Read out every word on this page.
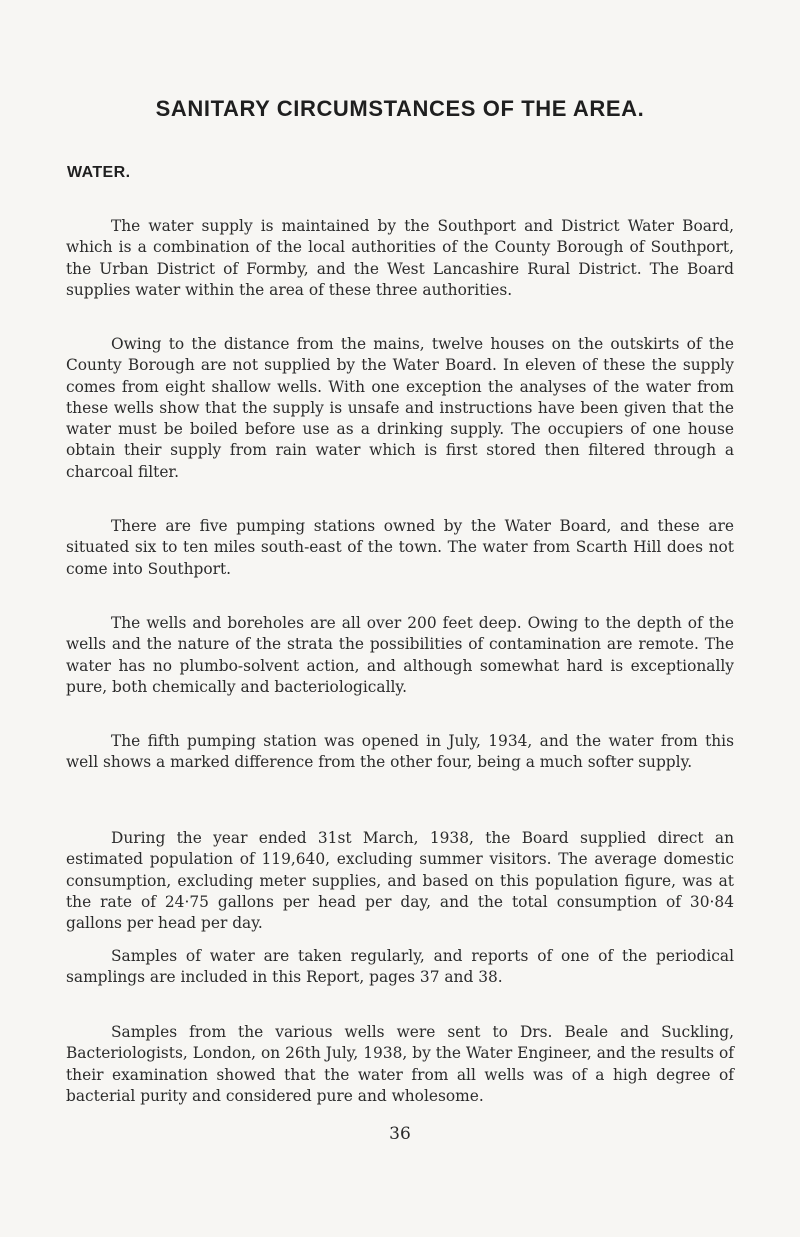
SANITARY CIRCUMSTANCES OF THE AREA.
WATER.

The water supply is maintained by the Southport and District Water Board, which is a combination of the local authorities of the County Borough of Southport, the Urban District of Formby, and the West Lancashire Rural District. The Board supplies water within the area of these three authorities.

Owing to the distance from the mains, twelve houses on the outskirts of the County Borough are not supplied by the Water Board. In eleven of these the supply comes from eight shallow wells. With one exception the analyses of the water from these wells show that the supply is unsafe and instructions have been given that the water must be boiled before use as a drinking supply. The occupiers of one house obtain their supply from rain water which is first stored then filtered through a charcoal filter.

There are five pumping stations owned by the Water Board, and these are situated six to ten miles south-east of the town. The water from Scarth Hill does not come into Southport.

The wells and boreholes are all over 200 feet deep. Owing to the depth of the wells and the nature of the strata the possibilities of contamination are remote. The water has no plumbo-solvent action, and although somewhat hard is exceptionally pure, both chemically and bacteriologically.

The fifth pumping station was opened in July, 1934, and the water from this well shows a marked difference from the other four, being a much softer supply.

During the year ended 31st March, 1938, the Board supplied direct an estimated population of 119,640, excluding summer visitors. The average domestic consumption, excluding meter supplies, and based on this population figure, was at the rate of 24·75 gallons per head per day, and the total consumption of 30·84 gallons per head per day.

Samples of water are taken regularly, and reports of one of the periodical samplings are included in this Report, pages 37 and 38.

Samples from the various wells were sent to Drs. Beale and Suckling, Bacteriologists, London, on 26th July, 1938, by the Water Engineer, and the results of their examination showed that the water from all wells was of a high degree of bacterial purity and considered pure and wholesome.

36
